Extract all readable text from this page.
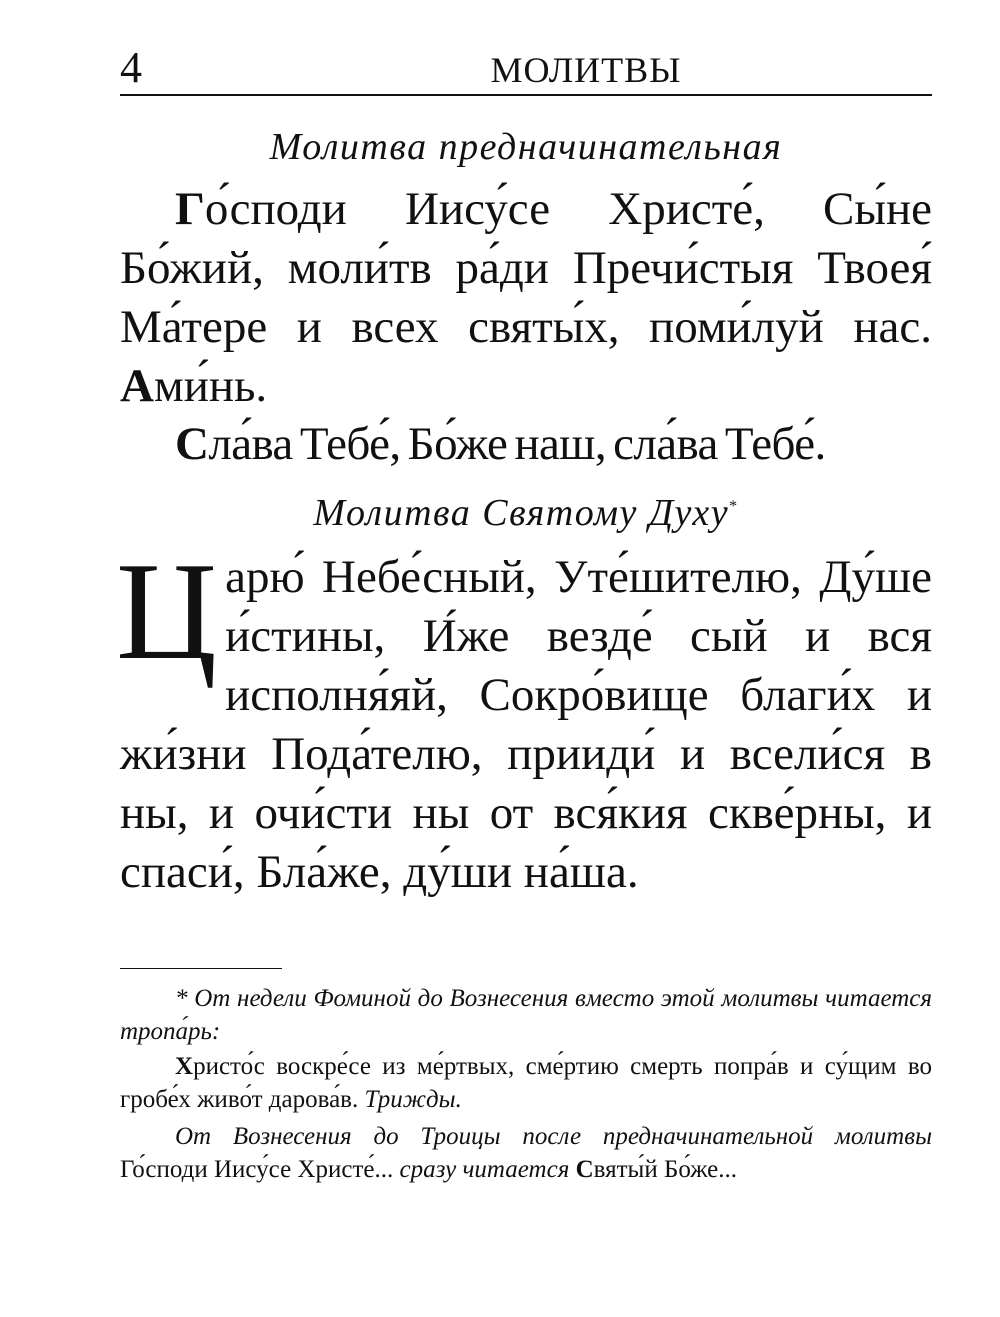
4	МОЛИТВЫ
Молитва предначинательная

Го́споди Иису́се Христе́, Сы́не Бо́жий, моли́тв ра́ди Пречи́стыя Твоея́ Ма́тере и всех святы́х, поми́луй нас. Ами́нь.

Сла́ва Тебе́, Бо́же наш, сла́ва Тебе́.

Молитва Святому Духу*
Ц арю́ Небе́сный, Уте́шителю, Ду́ше и́стины, И́же везде́ сый и вся исполня́яй, Сокро́вище благи́х и жи́зни Пода́телю, прииди́ и всели́ся в ны, и очи́сти ны от вся́кия скве́рны, и спаси́, Бла́же, ду́ши на́ша.

* От недели Фоминой до Вознесения вместо этой молитвы читается тропа́рь:

Христо́с воскре́се из ме́ртвых, сме́ртию смерть попра́в и су́щим во гробе́х живо́т дарова́в. Трижды.

От Вознесения до Троицы после предначинательной молитвы Го́споди Иису́се Христе́... сразу читается Святы́й Бо́же...
